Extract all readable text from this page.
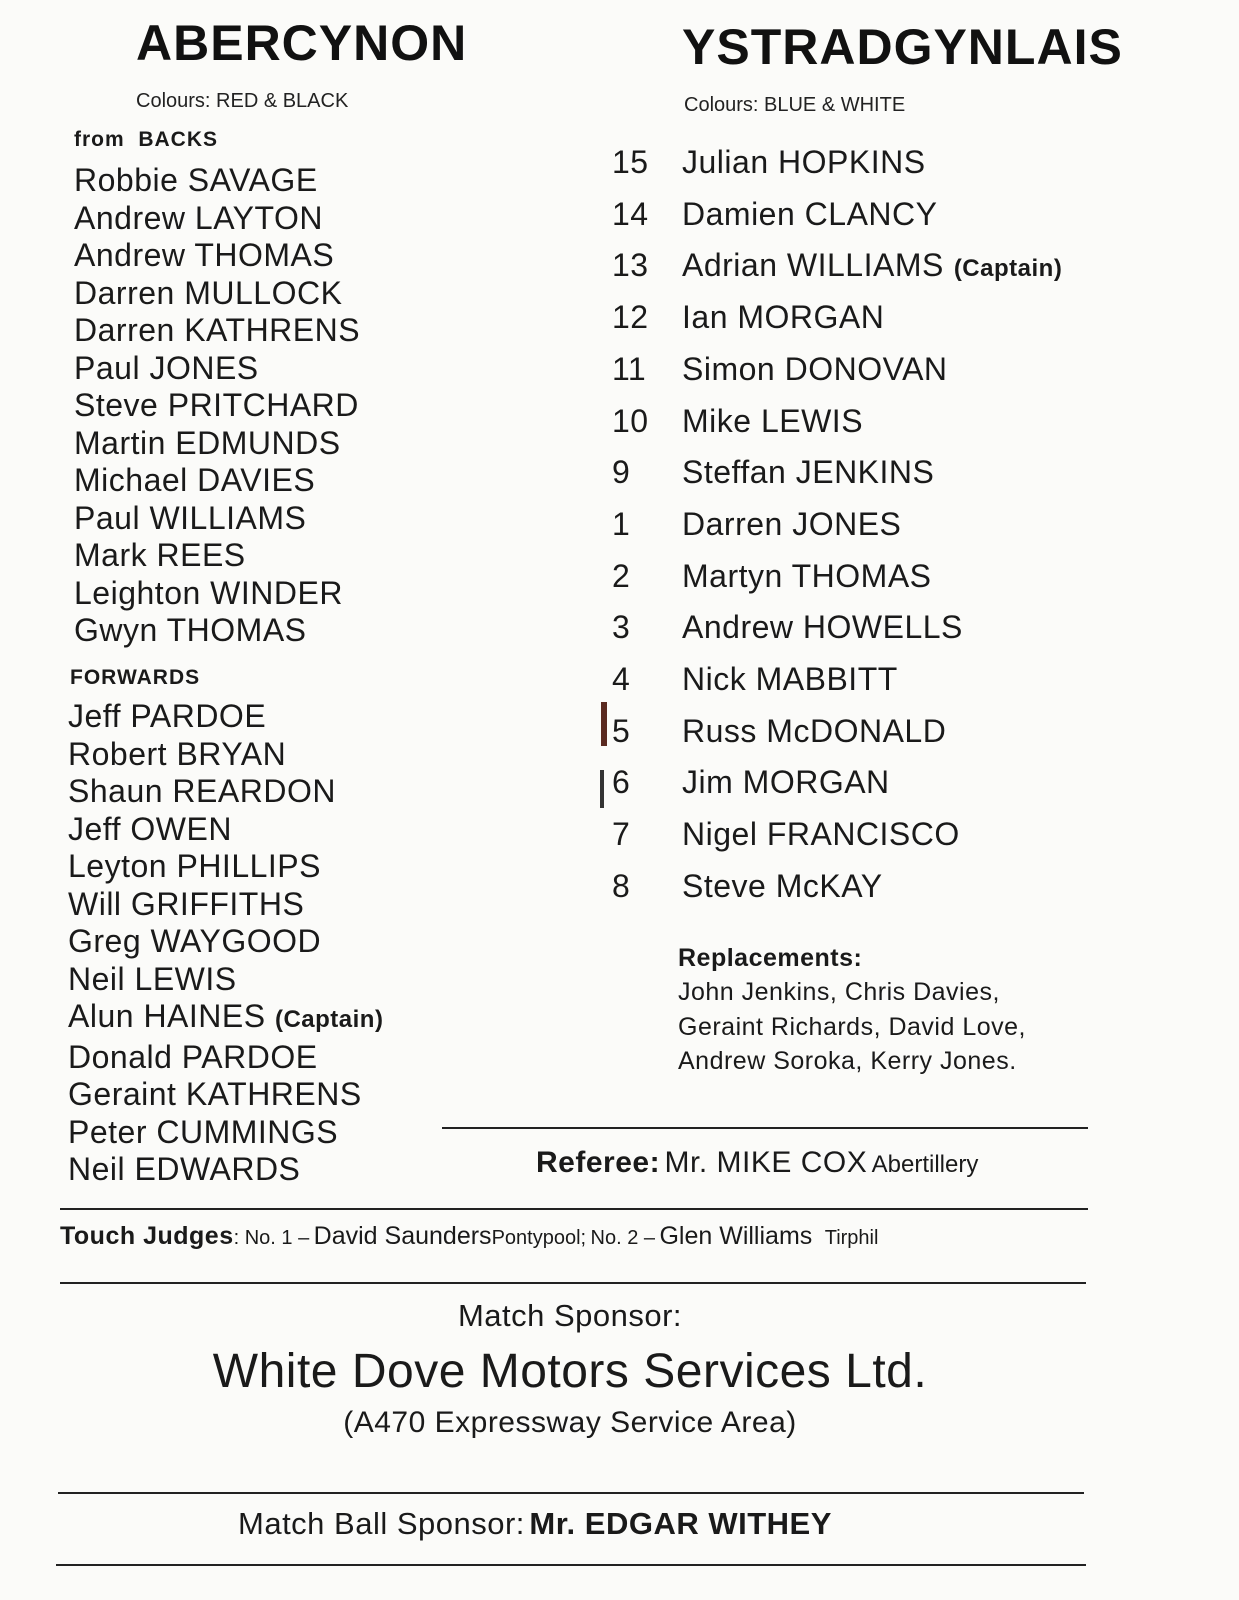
ABERCYNON
Colours: RED & BLACK
from  BACKS
Robbie SAVAGE
Andrew LAYTON
Andrew THOMAS
Darren MULLOCK
Darren KATHRENS
Paul JONES
Steve PRITCHARD
Martin EDMUNDS
Michael DAVIES
Paul WILLIAMS
Mark REES
Leighton WINDER
Gwyn THOMAS
FORWARDS
Jeff PARDOE
Robert BRYAN
Shaun REARDON
Jeff OWEN
Leyton PHILLIPS
Will GRIFFITHS
Greg WAYGOOD
Neil LEWIS
Alun HAINES (Captain)
Donald PARDOE
Geraint KATHRENS
Peter CUMMINGS
Neil EDWARDS
YSTRADGYNLAIS
Colours: BLUE & WHITE
15	Julian HOPKINS
14	Damien CLANCY
13	Adrian WILLIAMS (Captain)
12	Ian MORGAN
11	Simon DONOVAN
10	Mike LEWIS
9	Steffan JENKINS
1	Darren JONES
2	Martyn THOMAS
3	Andrew HOWELLS
4	Nick MABBITT
5	Russ McDONALD
6	Jim MORGAN
7	Nigel FRANCISCO
8	Steve McKAY
Replacements:
John Jenkins, Chris Davies,
Geraint Richards, David Love,
Andrew Soroka, Kerry Jones.
Referee: Mr. MIKE COX Abertillery
Touch Judges: No. 1 – David SaundersPontypool; No. 2 – Glen Williams Tirphil
Match Sponsor:
White Dove Motors Services Ltd.
(A470 Expressway Service Area)
Match Ball Sponsor: Mr. EDGAR WITHEY
